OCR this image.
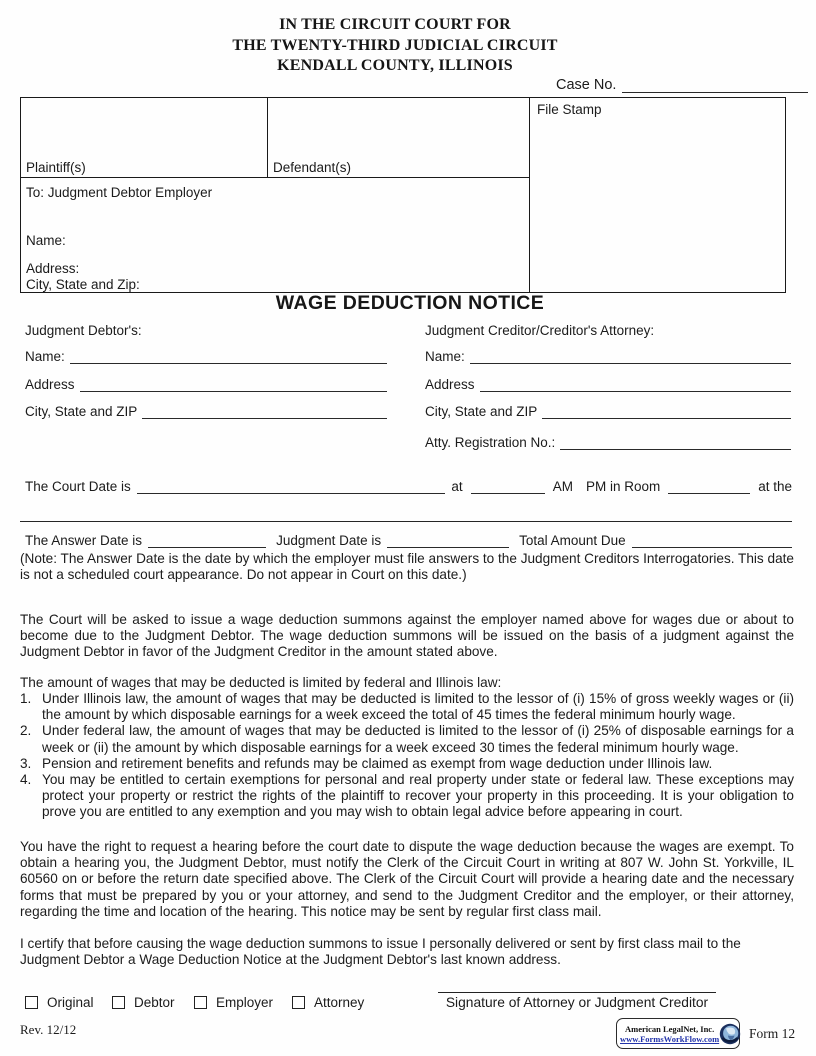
IN THE CIRCUIT COURT FOR
THE TWENTY-THIRD JUDICIAL CIRCUIT
KENDALL COUNTY, ILLINOIS
Case No.
Plaintiff(s)	Defendant(s)
To: Judgment Debtor Employer
Name:
Address:
City, State and Zip:
File Stamp
WAGE DEDUCTION NOTICE
Judgment Debtor's:
Name:
Address
City, State and ZIP
Judgment Creditor/Creditor's Attorney:
Name:
Address
City, State and ZIP
Atty. Registration No.:
The Court Date is	at	AM PM in Room	at the
The Answer Date is	Judgment Date is	Total Amount Due
(Note: The Answer Date is the date by which the employer must file answers to the Judgment Creditors Interrogatories. This date is not a scheduled court appearance. Do not appear in Court on this date.)
The Court will be asked to issue a wage deduction summons against the employer named above for wages due or about to become due to the Judgment Debtor. The wage deduction summons will be issued on the basis of a judgment against the Judgment Debtor in favor of the Judgment Creditor in the amount stated above.
The amount of wages that may be deducted is limited by federal and Illinois law:
1. Under Illinois law, the amount of wages that may be deducted is limited to the lessor of (i) 15% of gross weekly wages or (ii) the amount by which disposable earnings for a week exceed the total of 45 times the federal minimum hourly wage.
2. Under federal law, the amount of wages that may be deducted is limited to the lessor of (i) 25% of disposable earnings for a week or (ii) the amount by which disposable earnings for a week exceed 30 times the federal minimum hourly wage.
3. Pension and retirement benefits and refunds may be claimed as exempt from wage deduction under Illinois law.
4. You may be entitled to certain exemptions for personal and real property under state or federal law. These exceptions may protect your property or restrict the rights of the plaintiff to recover your property in this proceeding. It is your obligation to prove you are entitled to any exemption and you may wish to obtain legal advice before appearing in court.
You have the right to request a hearing before the court date to dispute the wage deduction because the wages are exempt. To obtain a hearing you, the Judgment Debtor, must notify the Clerk of the Circuit Court in writing at 807 W. John St. Yorkville, IL 60560 on or before the return date specified above. The Clerk of the Circuit Court will provide a hearing date and the necessary forms that must be prepared by you or your attorney, and send to the Judgment Creditor and the employer, or their attorney, regarding the time and location of the hearing. This notice may be sent by regular first class mail.
I certify that before causing the wage deduction summons to issue I personally delivered or sent by first class mail to the Judgment Debtor a Wage Deduction Notice at the Judgment Debtor's last known address.
Original	Debtor	Employer	Attorney	Signature of Attorney or Judgment Creditor
Rev. 12/12	American LegalNet, Inc.
www.FormsWorkFlow.com Form 12
